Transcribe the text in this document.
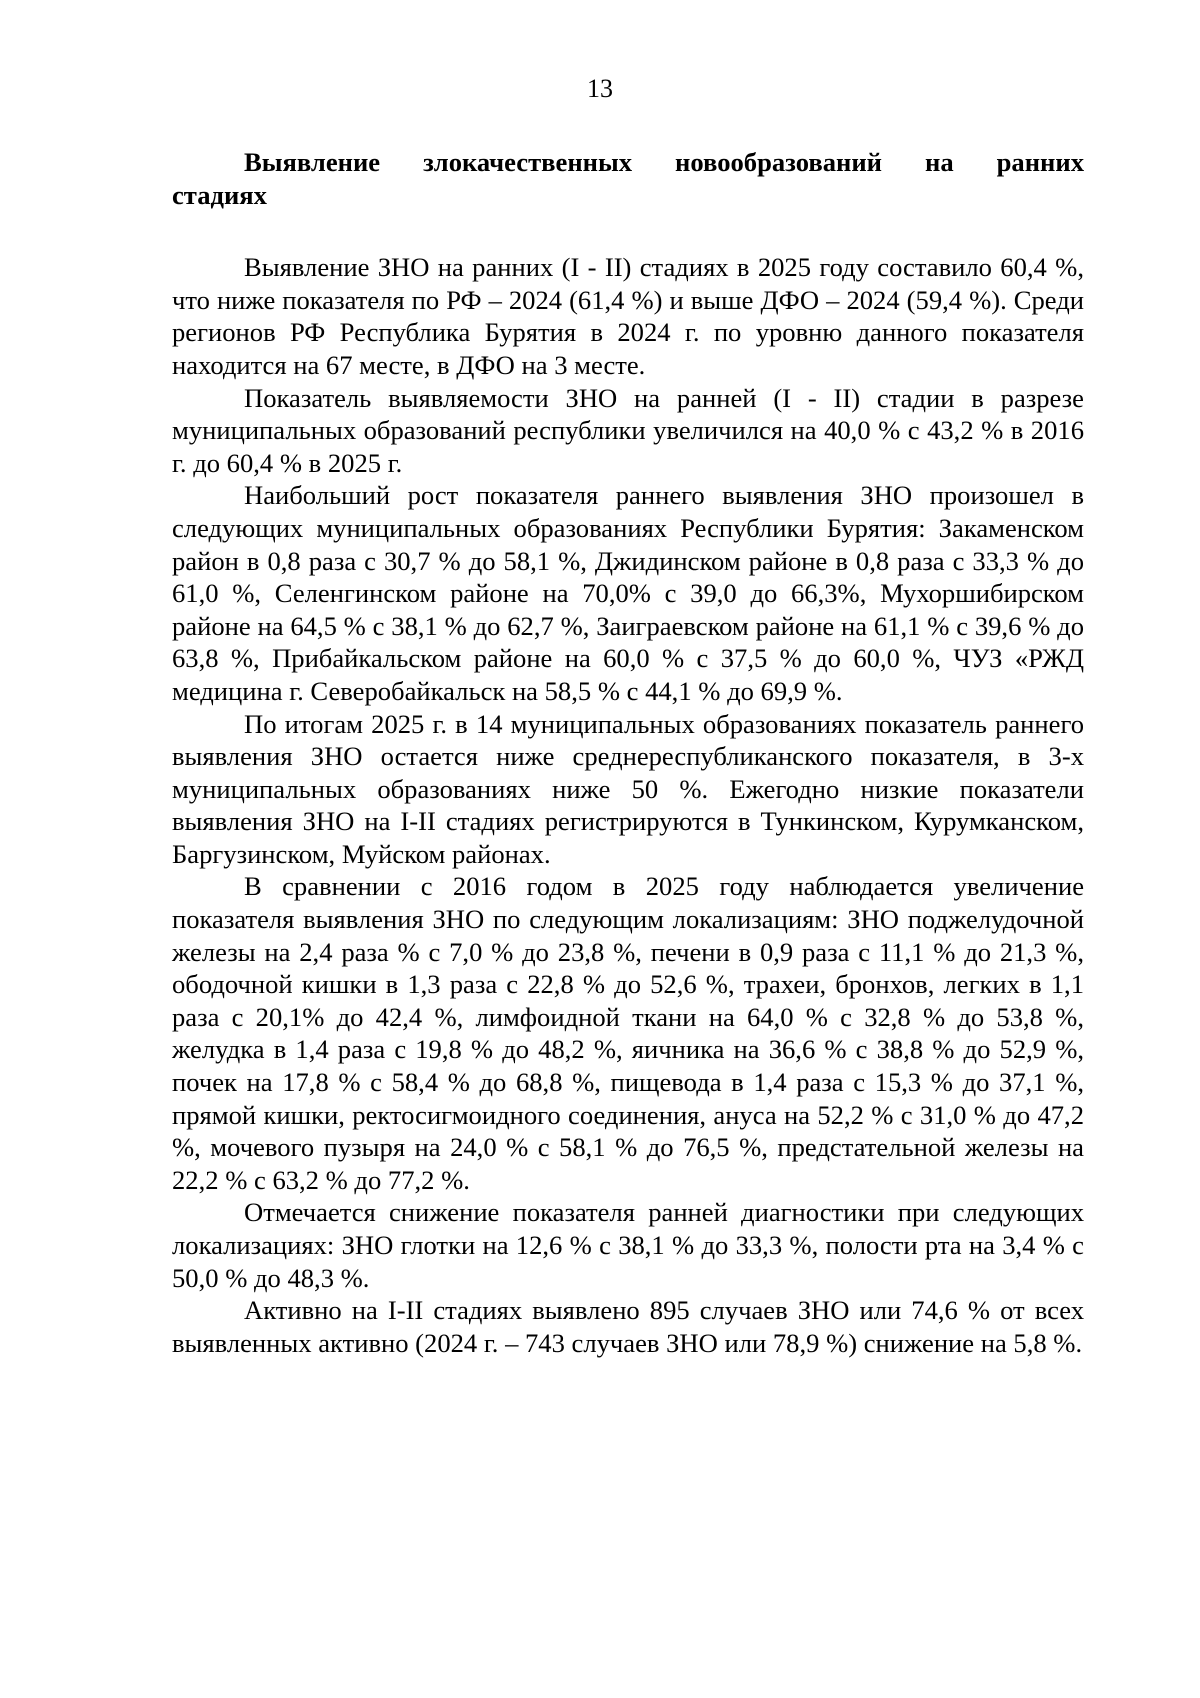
13
Выявление злокачественных новообразований на ранних
стадиях

Выявление ЗНО на ранних (I - II) стадиях в 2025 году составило 60,4 %, что ниже показателя по РФ – 2024 (61,4 %) и выше ДФО – 2024 (59,4 %). Среди регионов РФ Республика Бурятия в 2024 г. по уровню данного показателя находится на 67 месте, в ДФО на 3 месте.

Показатель выявляемости ЗНО на ранней (I - II) стадии в разрезе муниципальных образований республики увеличился на 40,0 % с 43,2 % в 2016 г. до 60,4 % в 2025 г.

Наибольший рост показателя раннего выявления ЗНО произошел в следующих муниципальных образованиях Республики Бурятия: Закаменском район в 0,8 раза с 30,7 % до 58,1 %, Джидинском районе в 0,8 раза с 33,3 % до 61,0 %, Селенгинском районе на 70,0% с 39,0 до 66,3%, Мухоршибирском районе на 64,5 % с 38,1 % до 62,7 %, Заиграевском районе на 61,1 % с 39,6 % до 63,8 %, Прибайкальском районе на 60,0 % с 37,5 % до 60,0 %, ЧУЗ «РЖД медицина г. Северобайкальск на 58,5 % с 44,1 % до 69,9 %.

По итогам 2025 г. в 14 муниципальных образованиях показатель раннего выявления ЗНО остается ниже среднереспубликанского показателя, в 3-х муниципальных образованиях ниже 50 %. Ежегодно низкие показатели выявления ЗНО на I-II стадиях регистрируются в Тункинском, Курумканском, Баргузинском, Муйском районах.

В сравнении с 2016 годом в 2025 году наблюдается увеличение показателя выявления ЗНО по следующим локализациям: ЗНО поджелудочной железы на 2,4 раза % с 7,0 % до 23,8 %, печени в 0,9 раза с 11,1 % до 21,3 %, ободочной кишки в 1,3 раза с 22,8 % до 52,6 %, трахеи, бронхов, легких в 1,1 раза с 20,1% до 42,4 %, лимфоидной ткани на 64,0 % с 32,8 % до 53,8 %, желудка в 1,4 раза с 19,8 % до 48,2 %, яичника на 36,6 % с 38,8 % до 52,9 %, почек на 17,8 % с 58,4 % до 68,8 %, пищевода в 1,4 раза с 15,3 % до 37,1 %, прямой кишки, ректосигмоидного соединения, ануса на 52,2 % с 31,0 % до 47,2 %, мочевого пузыря на 24,0 % с 58,1 % до 76,5 %, предстательной железы на 22,2 % с 63,2 % до 77,2 %.

Отмечается снижение показателя ранней диагностики при следующих локализациях: ЗНО глотки на 12,6 % с 38,1 % до 33,3 %, полости рта на 3,4 % с 50,0 % до 48,3 %.

Активно на I-II стадиях выявлено 895 случаев ЗНО или 74,6 % от всех выявленных активно (2024 г. – 743 случаев ЗНО или 78,9 %) снижение на 5,8 %.
